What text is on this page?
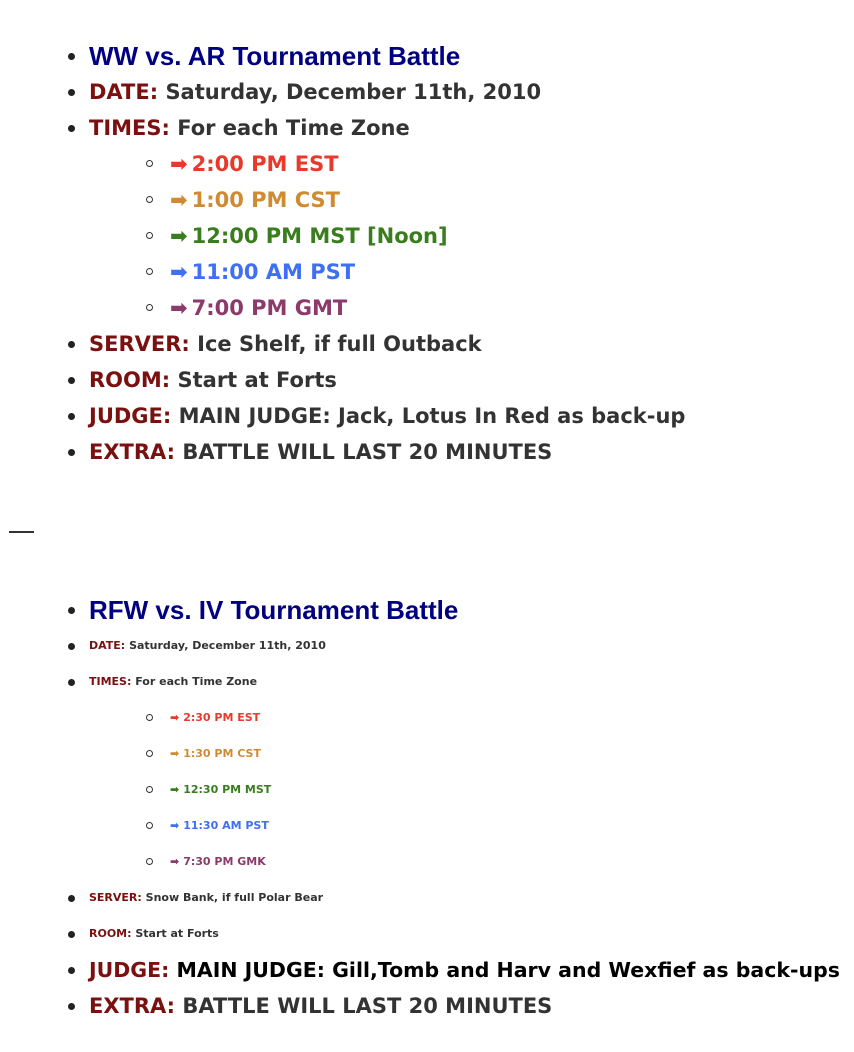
WW vs. AR Tournament Battle
DATE: Saturday, December 11th, 2010
TIMES: For each Time Zone
➡ 2:00 PM EST
➡ 1:00 PM CST
➡ 12:00 PM MST [Noon]
➡ 11:00 AM PST
➡ 7:00 PM GMT
SERVER: Ice Shelf, if full Outback
ROOM: Start at Forts
JUDGE: MAIN JUDGE: Jack, Lotus In Red as back-up
EXTRA: BATTLE WILL LAST 20 MINUTES
RFW vs. IV Tournament Battle
DATE: Saturday, December 11th, 2010
TIMES: For each Time Zone
➡ 2:30 PM EST
➡ 1:30 PM CST
➡ 12:30 PM MST
➡ 11:30 AM PST
➡ 7:30 PM GMK
SERVER: Snow Bank, if full Polar Bear
ROOM: Start at Forts
JUDGE: MAIN JUDGE: Gill,Tomb and Harv and Wexfief as back-ups
EXTRA: BATTLE WILL LAST 20 MINUTES
